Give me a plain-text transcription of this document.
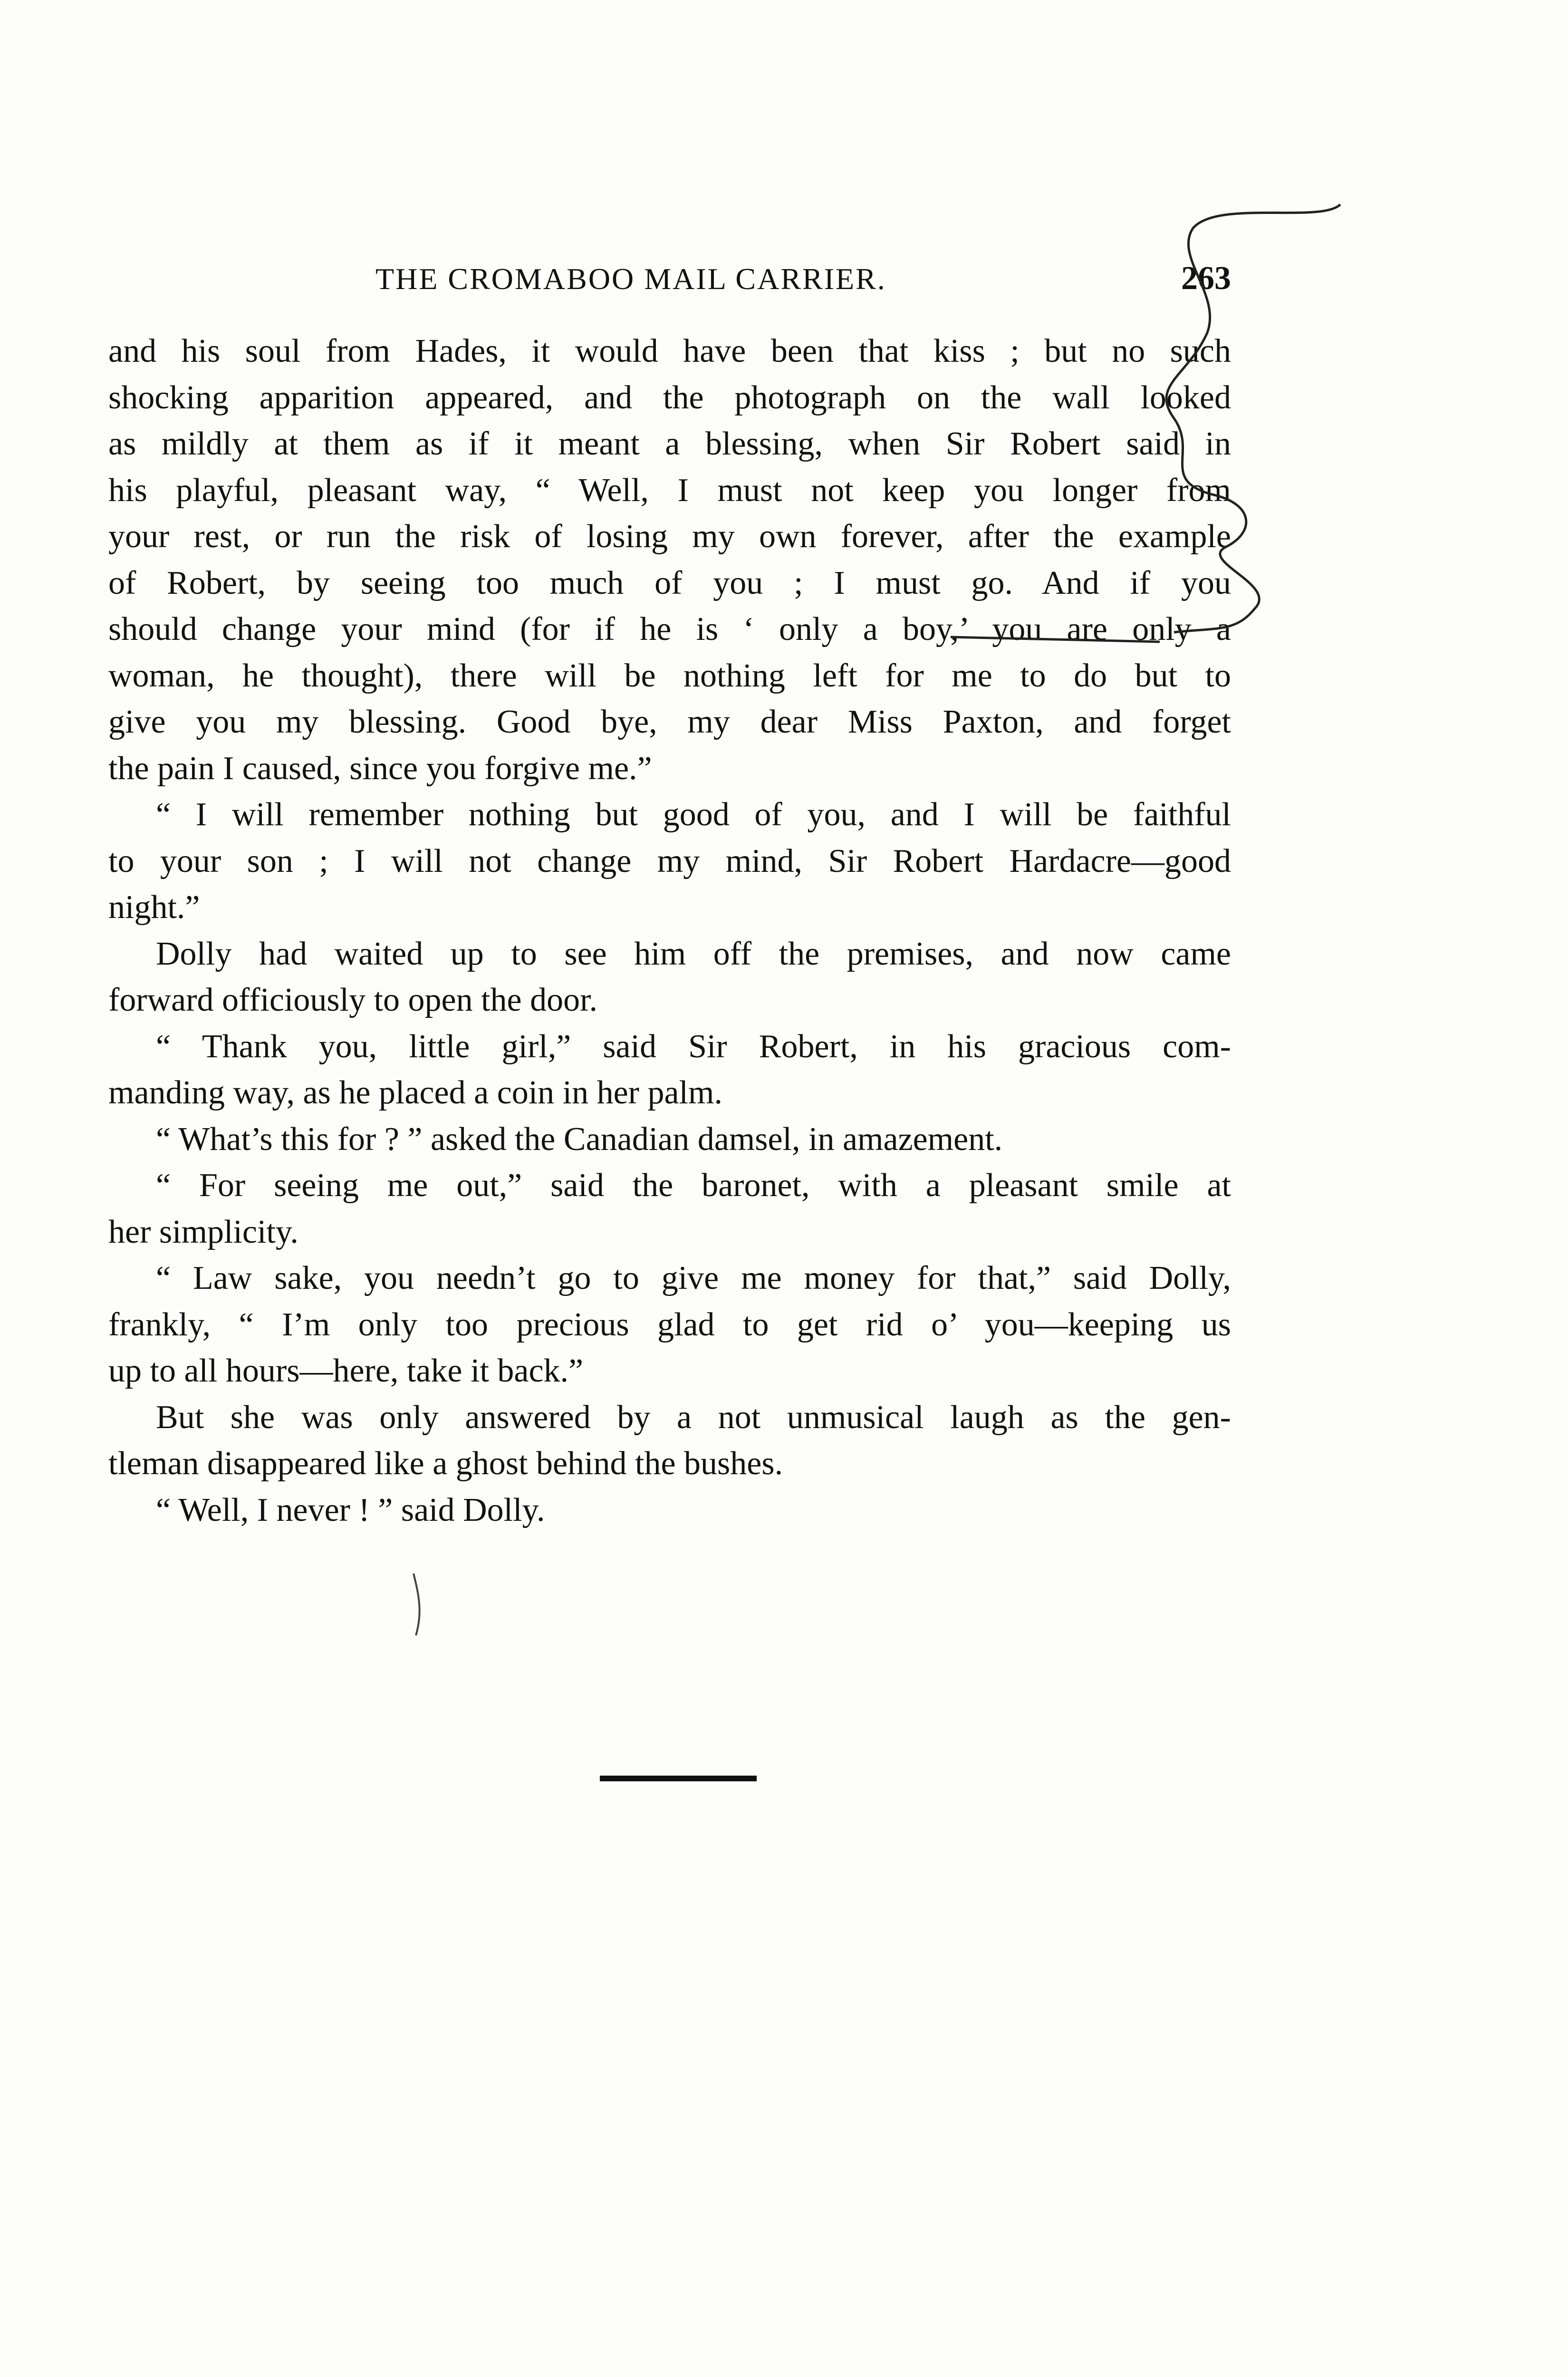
THE CROMABOO MAIL CARRIER.	263
and his soul from Hades, it would have been that kiss ; but no such
shocking apparition appeared, and the photograph on the wall looked
as mildly at them as if it meant a blessing, when Sir Robert said in
his playful, pleasant way, “ Well, I must not keep you longer from
your rest, or run the risk of losing my own forever, after the example
of Robert, by seeing too much of you ; I must go. And if you
should change your mind (for if he is ‘ only a boy,’ you are only a
woman, he thought), there will be nothing left for me to do but to
give you my blessing. Good bye, my dear Miss Paxton, and forget
the pain I caused, since you forgive me.”
“ I will remember nothing but good of you, and I will be faithful
to your son ; I will not change my mind, Sir Robert Hardacre—good
night.”
Dolly had waited up to see him off the premises, and now came
forward officiously to open the door.
“ Thank you, little girl,” said Sir Robert, in his gracious com-
manding way, as he placed a coin in her palm.
“ What’s this for ? ” asked the Canadian damsel, in amazement.
“ For seeing me out,” said the baronet, with a pleasant smile at
her simplicity.
“ Law sake, you needn’t go to give me money for that,” said Dolly,
frankly, “ I’m only too precious glad to get rid o’ you—keeping us
up to all hours—here, take it back.”
But she was only answered by a not unmusical laugh as the gen-
tleman disappeared like a ghost behind the bushes.
“ Well, I never ! ” said Dolly.
